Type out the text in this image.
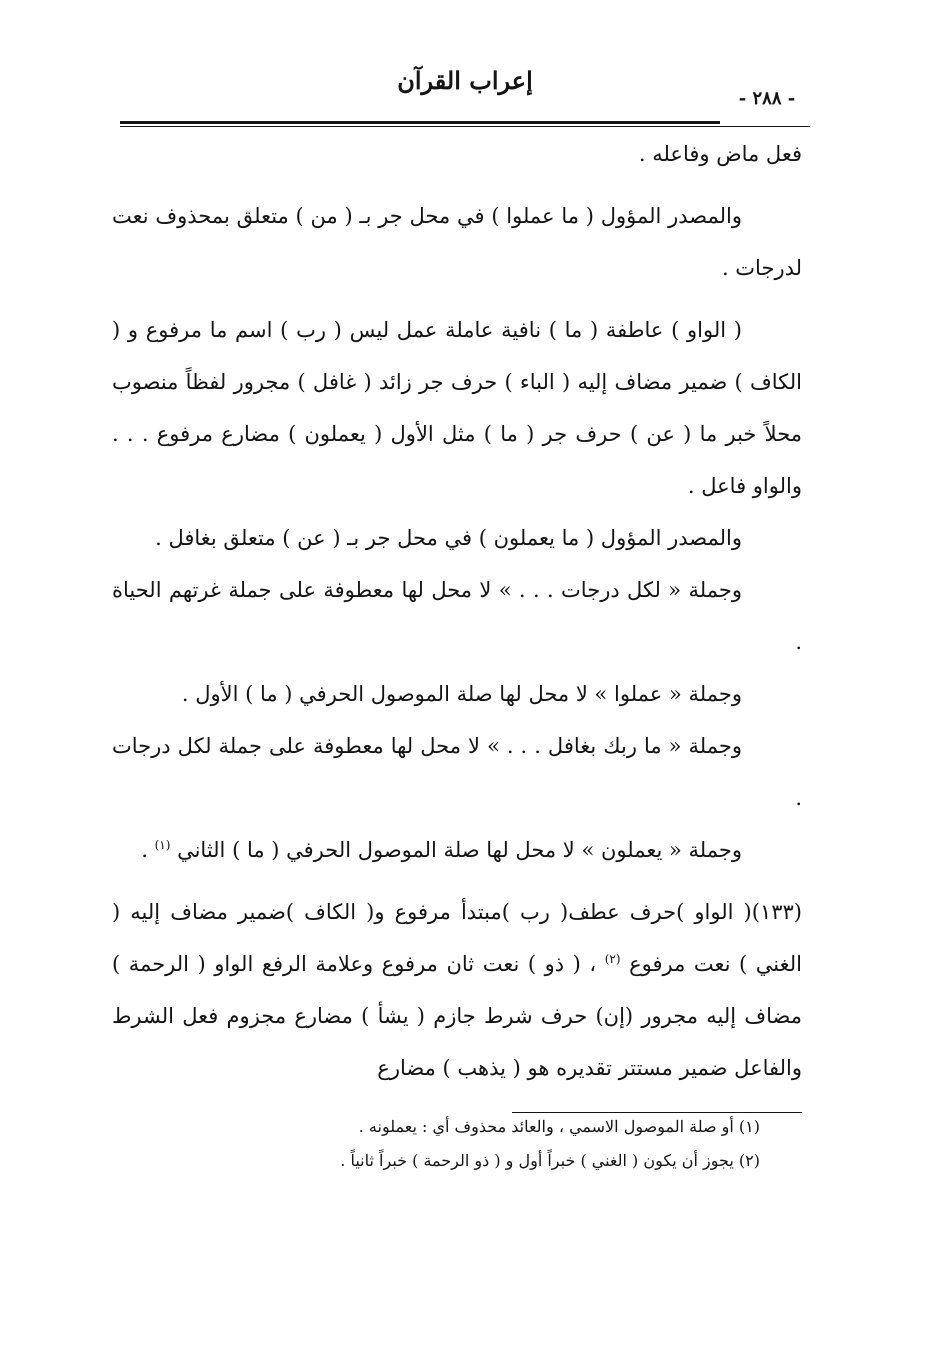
إعراب القرآن
- ٢٨٨ -

فعل ماض وفاعله .

والمصدر المؤول ( ما عملوا ) في محل جر بـ ( من ) متعلق بمحذوف نعت لدرجات .

( الواو ) عاطفة ( ما ) نافية عاملة عمل ليس ( رب ) اسم ما مرفوع و ( الكاف ) ضمير مضاف إليه ( الباء ) حرف جر زائد ( غافل ) مجرور لفظاً منصوب محلاً خبر ما ( عن ) حرف جر ( ما ) مثل الأول ( يعملون ) مضارع مرفوع . . . والواو فاعل .

والمصدر المؤول ( ما يعملون ) في محل جر بـ ( عن ) متعلق بغافل .

وجملة « لكل درجات . . . » لا محل لها معطوفة على جملة غرتهم الحياة .

وجملة « عملوا » لا محل لها صلة الموصول الحرفي ( ما ) الأول .

وجملة « ما ربك بغافل . . . » لا محل لها معطوفة على جملة لكل درجات .

وجملة « يعملون » لا محل لها صلة الموصول الحرفي ( ما ) الثاني $^{(١)}$ .

(١٣٣)( الواو )حرف عطف( رب )مبتدأ مرفوع و( الكاف )ضمير مضاف إليه ( الغني ) نعت مرفوع $^{(٢)}$ ، ( ذو ) نعت ثان مرفوع وعلامة الرفع الواو ( الرحمة ) مضاف إليه مجرور (إن) حرف شرط جازم ( يشأ ) مضارع مجزوم فعل الشرط والفاعل ضمير مستتر تقديره هو ( يذهب ) مضارع

(١) أو صلة الموصول الاسمي ، والعائد محذوف أي : يعملونه .

(٢) يجوز أن يكون ( الغني ) خبراً أول و ( ذو الرحمة ) خبراً ثانياً .
